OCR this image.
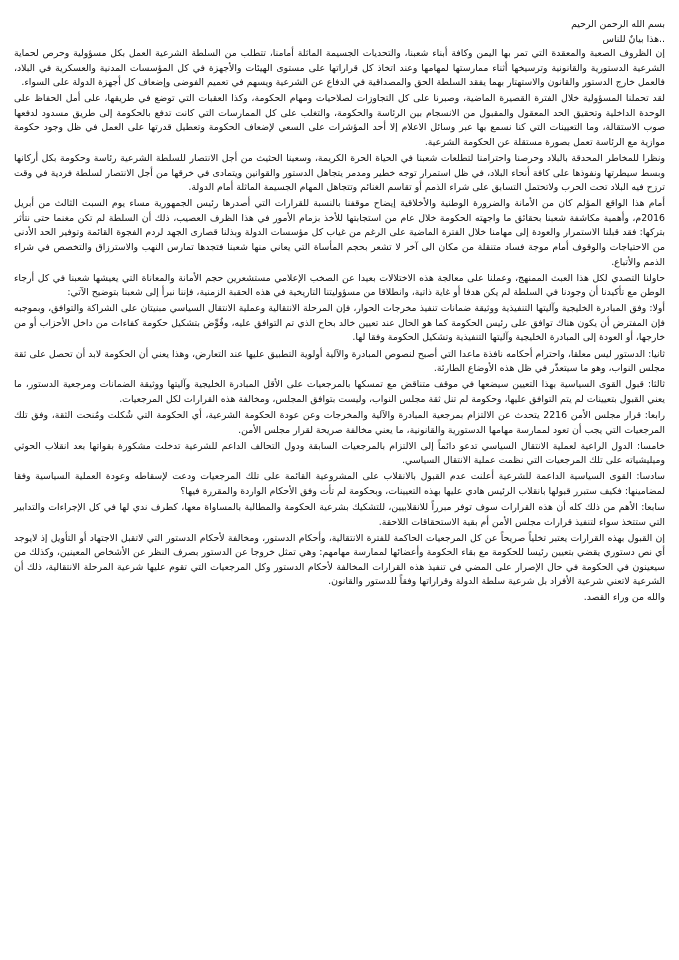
بسم الله الرحمن الرحيم

..هذا بيانٌ للناس

إن الظروف الصعبة والمعقدة التي تمر بها اليمن وكافة أبناء شعبنا، والتحديات الجسيمة الماثلة أمامنا، تتطلب من السلطة الشرعية العمل بكل مسؤولية وحرص لحماية الشرعية الدستورية والقانونية وترسيخها أثناء ممارستها لمهامها وعند اتخاذ كل قراراتها على مستوى الهيئات والأجهزة في كل المؤسسات المدنية والعسكرية في البلاد، فالعمل خارج الدستور والقانون والاستهتار بهما يفقد السلطة الحق والمصداقية في الدفاع عن الشرعية ويسهم في تعميم الفوضى وإضعاف كل أجهزة الدولة على السواء.

لقد تحملنا المسؤولية خلال الفترة القصيرة الماضية، وصبرنا على كل التجاوزات لصلاحيات ومهام الحكومة، وكذا العقبات التي توضع في طريقها، على أمل الحفاظ على الوحدة الداخلية وتحقيق الحد المعقول والمقبول من الانسجام بين الرئاسة والحكومة، والتغلب على كل الممارسات التي كانت تدفع بالحكومة إلى طريق مسدود لدفعها صوب الاستقالة، وما التعيينات التي كنا نسمع بها عبر وسائل الاعلام إلا أحد المؤشرات على السعي لإضعاف الحكومة وتعطيل قدرتها على العمل في ظل وجود حكومة موازية مع الرئاسة تعمل بصورة مستقلة عن الحكومة الشرعية.

ونظرا للمخاطر المحدقة بالبلاد وحرصنا واحترامنا لتطلعات شعبنا في الحياة الحرة الكريمة، وسعينا الحثيث من أجل الانتصار للسلطة الشرعية رئاسة وحكومة بكل أركانها وبسط سيطرتها ونفوذها على كافة أنحاء البلاد، في ظل استمرار توجه خطير ومدمر يتجاهل الدستور والقوانين ويتمادى في خرقها من أجل الانتصار لسلطة فردية في وقت ترزح فيه البلاد تحت الحرب ولاتحتمل التسابق على شراء الذمم أو تقاسم الغنائم وتتجاهل المهام الجسيمة الماثلة أمام الدولة.

أمام هذا الواقع المؤلم كان من الأمانة والضرورة الوطنية والأخلاقية إيضاح موقفنا بالنسبة للقرارات التي أصدرها رئيس الجمهورية مساء يوم السبت الثالث من أبريل 2016م، وأهمية مكاشفة شعبنا بحقائق ما واجهته الحكومة خلال عام من استجابتها للأخذ بزمام الأمور في هذا الظرف العصيب، ذلك أن السلطة لم تكن مغنما حتى نتأثر بتركها: فقد قبلنا الاستمرار والعودة إلى مهامنا خلال الفترة الماضية على الرغم من غياب كل مؤسسات الدولة وبذلنا قصارى الجهد لردم الفجوة القائمة وتوفير الحد الأدنى من الاحتياجات والوقوف أمام موجة فساد متنقلة من مكان الى آخر لا تشعر بحجم المأساة التي يعاني منها شعبنا فتجدها تمارس النهب والاسترزاق والتخصص في شراء الذمم والأتباع.

حاولنا التصدي لكل هذا العبث الممنهج، وعملنا على معالجة هذه الاختلالات بعيدا عن الصخب الإعلامي مستشعرين حجم الأمانة والمعاناة التي يعيشها شعبنا في كل أرجاء الوطن مع تأكيدنا أن وجودنا في السلطة لم يكن هدفا أو غاية ذاتية، وانطلاقا من مسؤوليتنا التاريخية في هذه الحقبة الزمنية، فإننا نبرأ إلى شعبنا بتوضيح الآتي:

أولا: وفق المبادرة الخليجية وآليتها التنفيذية ووثيقة ضمانات تنفيذ مخرجات الحوار، فإن المرحلة الانتقالية وعملية الانتقال السياسي مبنيتان على الشراكة والتوافق، وبموجبه فإن المفترض أن يكون هناك توافق على رئيس الحكومة كما هو الحال عند تعيين خالد بحاح الذي تم التوافق عليه، وفُوِّض بتشكيل حكومة كفاءات من داخل الأحزاب أو من خارجها، أو العودة إلى المبادرة الخليجية وآليتها التنفيذية وتشكيل الحكومة وفقا لها.

ثانيا: الدستور ليس معلقا، واحترام أحكامه نافذة ماعدا التي أصبح لنصوص المبادرة والآلية أولوية التطبيق عليها عند التعارض، وهذا يعني أن الحكومة لابد أن تحصل على ثقة مجلس النواب، وهو ما سيتعذّر في ظل هذه الأوضاع الطارئة.

ثالثا: قبول القوى السياسية بهذا التعيين سيضعها في موقف متناقض مع تمسكها بالمرجعيات على الأقل المبادرة الخليجية وآليتها ووثيقة الضمانات ومرجعية الدستور، ما يعني القبول بتعيينات لم يتم التوافق عليها، وحكومة لم تنل ثقة مجلس النواب، وليست بتوافق المجلس، ومخالفة هذه القرارات لكل المرجعيات.

رابعا: قرار مجلس الأمن 2216 يتحدث عن الالتزام بمرجعية المبادرة والآلية والمخرجات وعن عودة الحكومة الشرعية، أي الحكومة التي شُكلت ومُنحت الثقة، وفق تلك المرجعيات التي يجب أن تعود لممارسة مهامها الدستورية والقانونية، ما يعني مخالفة صريحة لقرار مجلس الأمن.

خامسا: الدول الراعية لعملية الانتقال السياسي تدعو دائماً إلى الالتزام بالمرجعيات السابقة ودول التحالف الداعم للشرعية تدخلت مشكورة بقواتها بعد انقلاب الحوثي وميليشياته على تلك المرجعيات التي نظمت عملية الانتقال السياسي.

سادسا: القوى السياسية الداعمة للشرعية أعلنت عدم القبول بالانقلاب على المشروعية القائمة على تلك المرجعيات ودعت لإسقاطه وعودة العملية السياسية وفقا لمضامينها: فكيف ستبرر قبولها بانقلاب الرئيس هادي عليها بهذه التعيينات، وبحكومة لم تأت وفق الأحكام الواردة والمقررة فيها؟

سابعا: الأهم من ذلك كله أن هذه القرارات سوف توفر مبرراً للانقلابيين، للتشكيك بشرعية الحكومة والمطالبة بالمساواة معها، كطرف ندي لها في كل الإجراءات والتدابير التي ستتخذ سواء لتنفيذ قرارات مجلس الأمن أم بقية الاستحقاقات اللاحقة.

إن القبول بهذه القرارات يعتبر تخلياً صريحاً عن كل المرجعيات الحاكمة للفترة الانتقالية، وأحكام الدستور، ومخالفة لأحكام الدستور التي لاتقبل الاجتهاد أو التأويل إذ لايوجد أي نص دستوري يقضي بتعيين رئيسا للحكومة مع بقاء الحكومة وأعضائها لممارسة مهامهم: وهي تمثل خروجا عن الدستور بصرف النظر عن الأشخاص المعينين، وكذلك من سيعينون في الحكومة في حال الإصرار على المضي في تنفيذ هذه القرارات المخالفة لأحكام الدستور وكل المرجعيات التي تقوم عليها شرعية المرحلة الانتقالية، ذلك أن الشرعية لاتعني شرعية الأفراد بل شرعية سلطة الدولة وقراراتها وفقاً للدستور والقانون.

والله من وراء القصد.
